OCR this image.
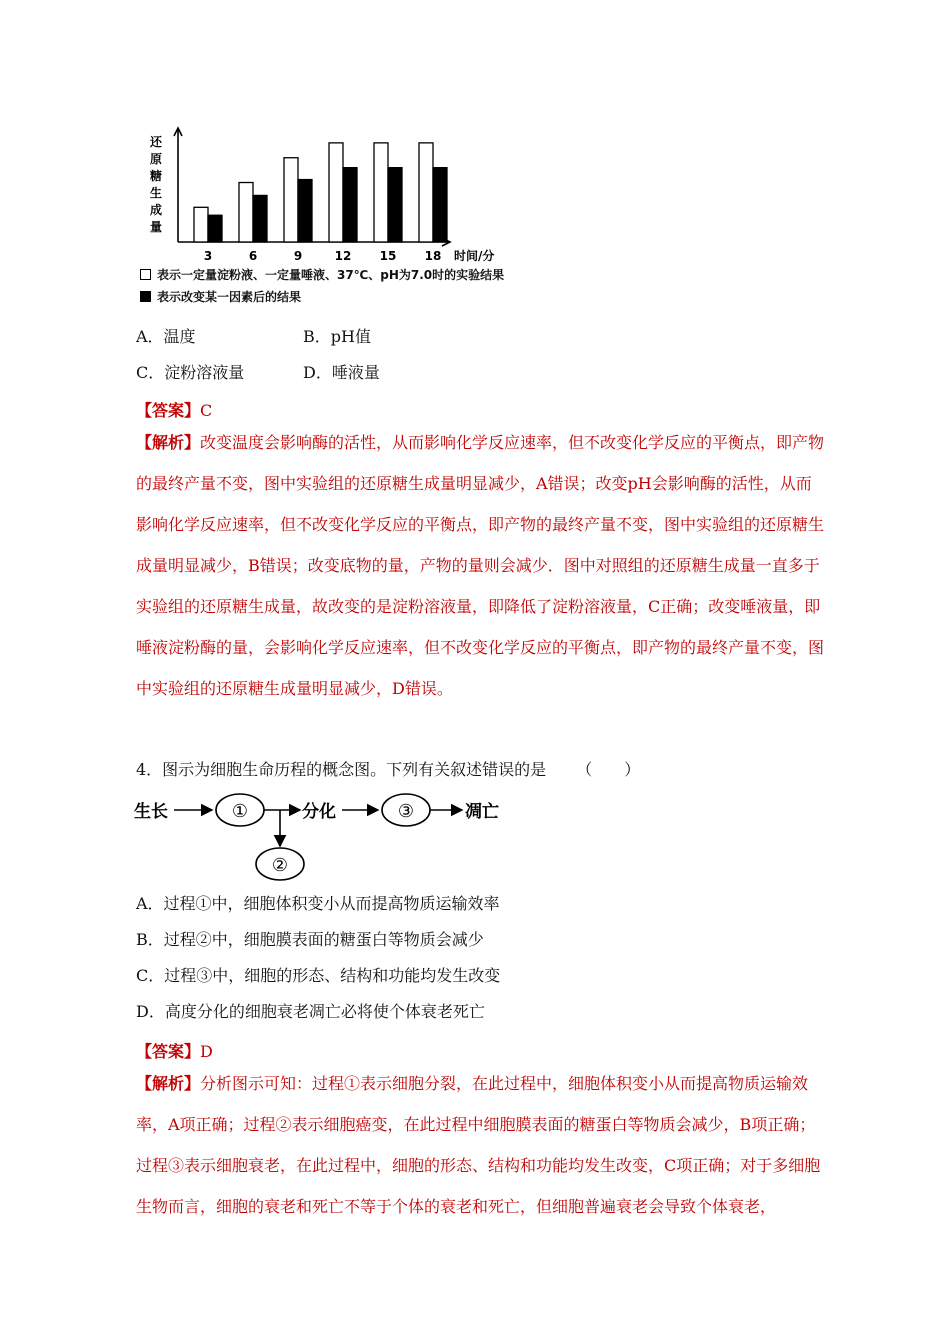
还
原
糖
生
成
量
3	6	9	12 15 18 时间/分
表示一定量淀粉液、一定量唾液、37℃、pH为7.0时的实验结果
表示改变某一因素后的结果
A．温度	B．pH值
C．淀粉溶液量	D．唾液量
【答案】C

【解析】改变温度会影响酶的活性，从而影响化学反应速率，但不改变化学反应的平衡点，即产物的最终产量不变，图中实验组的还原糖生成量明显减少，A错误；改变pH会影响酶的活性，从而影响化学反应速率，但不改变化学反应的平衡点，即产物的最终产量不变，图中实验组的还原糖生成量明显减少，B错误；改变底物的量，产物的量则会减少．图中对照组的还原糖生成量一直多于实验组的还原糖生成量，故改变的是淀粉溶液量，即降低了淀粉溶液量，C正确；改变唾液量，即唾液淀粉酶的量，会影响化学反应速率，但不改变化学反应的平衡点，即产物的最终产量不变，图中实验组的还原糖生成量明显减少，D错误。

4．图示为细胞生命历程的概念图。下列有关叙述错误的是 （　　）
生长	①	分化	③	凋亡
②
A．过程①中，细胞体积变小从而提高物质运输效率
B．过程②中，细胞膜表面的糖蛋白等物质会减少
C．过程③中，细胞的形态、结构和功能均发生改变
D．高度分化的细胞衰老凋亡必将使个体衰老死亡
【答案】D

【解析】分析图示可知：过程①表示细胞分裂，在此过程中，细胞体积变小从而提高物质运输效率，A项正确；过程②表示细胞癌变，在此过程中细胞膜表面的糖蛋白等物质会减少，B项正确；过程③表示细胞衰老，在此过程中，细胞的形态、结构和功能均发生改变，C项正确；对于多细胞生物而言，细胞的衰老和死亡不等于个体的衰老和死亡，但细胞普遍衰老会导致个体衰老，
